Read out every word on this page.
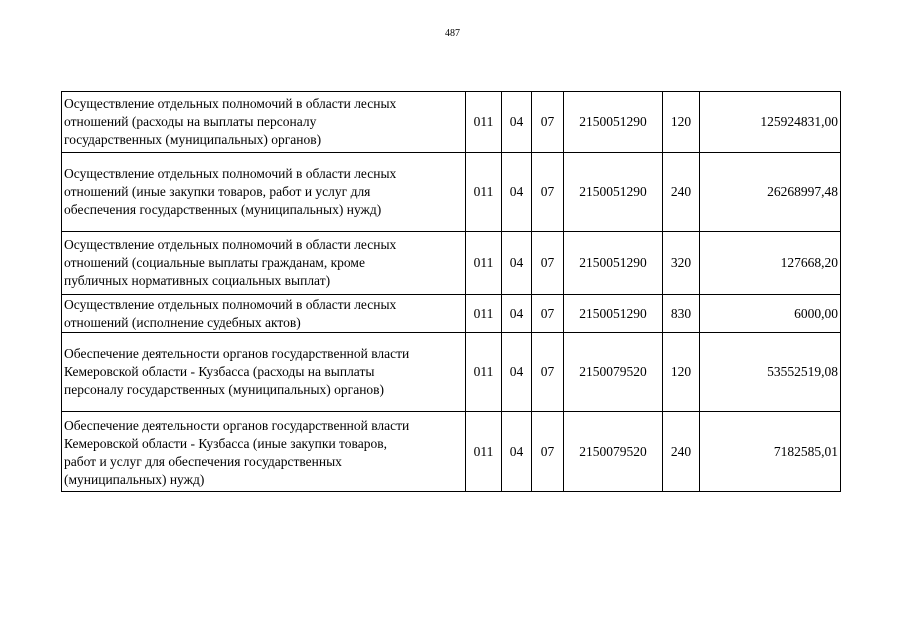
487
Осуществление отдельных полномочий в области лесных
отношений (расходы на выплаты персоналу
государственных (муниципальных) органов)	011	04	07	2150051290	120	125924831,00

Осуществление отдельных полномочий в области лесных
отношений (иные закупки товаров, работ и услуг для
обеспечения государственных (муниципальных) нужд)	011	04	07	2150051290	240	26268997,48

Осуществление отдельных полномочий в области лесных
отношений (социальные выплаты гражданам, кроме
публичных нормативных социальных выплат)	011	04	07	2150051290	320	127668,20

Осуществление отдельных полномочий в области лесных
отношений (исполнение судебных актов)	011	04	07	2150051290	830	6000,00

Обеспечение деятельности органов государственной власти
Кемеровской области - Кузбасса (расходы на выплаты
персоналу государственных (муниципальных) органов)	011	04	07	2150079520	120	53552519,08

Обеспечение деятельности органов государственной власти
Кемеровской области - Кузбасса (иные закупки товаров,
работ и услуг для обеспечения государственных
(муниципальных) нужд)	011	04	07	2150079520	240	7182585,01
